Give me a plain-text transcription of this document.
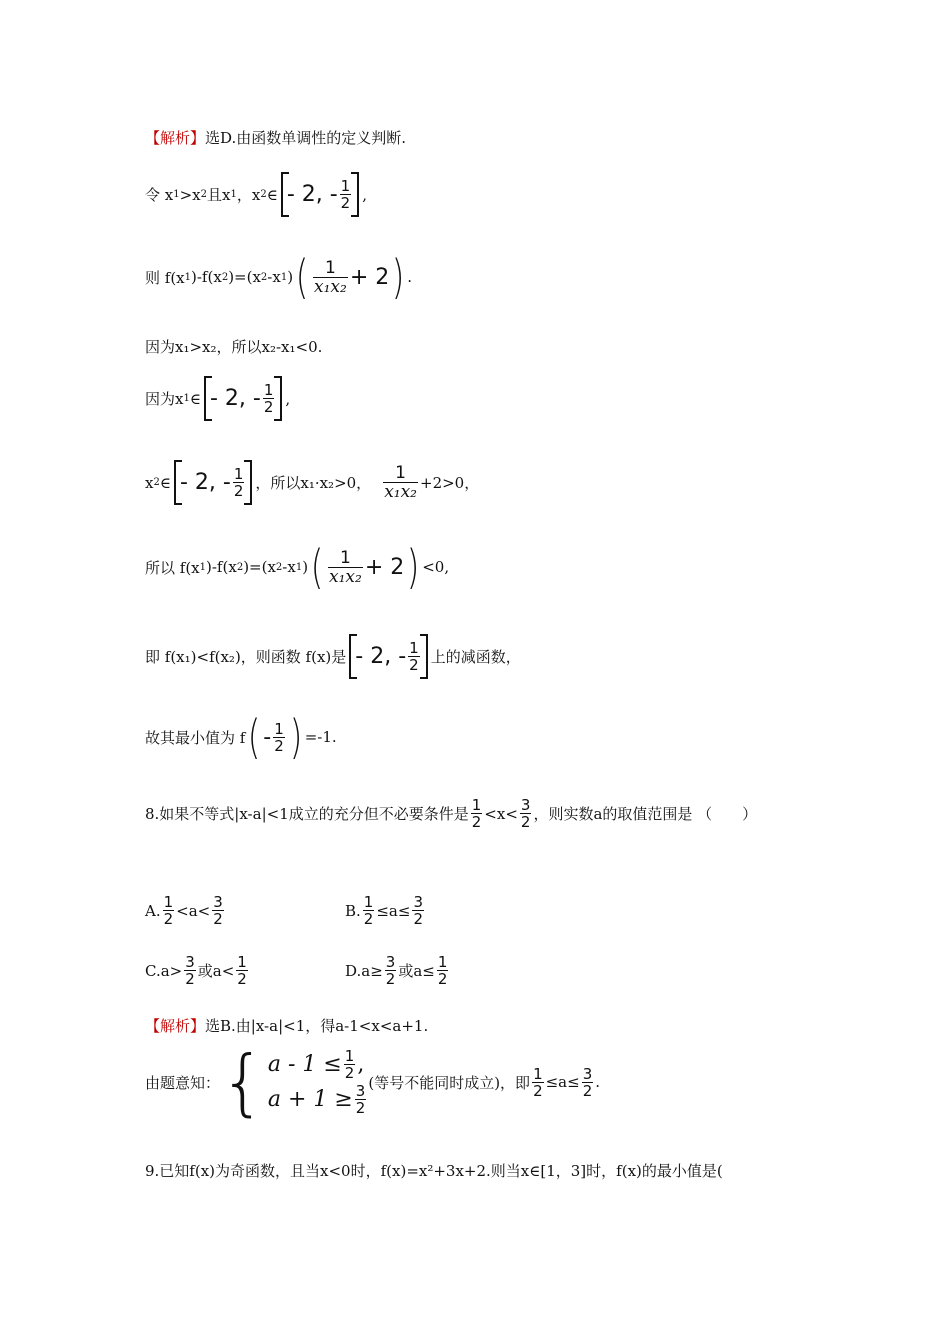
【解析】 选D.由函数单调性的定义判断.
令 x 1 >x 2 且x 1 ，x 2 ∈ - 2, - $\frac{1}{2}$ ,
则 f(x 1 )-f(x 2 )=(x 2 -x 1 ) ( $\frac{1}{\text{x₁x₂}} + 2$ ) .
因为x₁>x₂，所以x₂-x₁<0.
因为x 1 ∈ - 2, - $\frac{1}{2}$ ,
x 2 ∈ - 2, - $\frac{1}{2}$ ，所以x₁·x₂>0， $\frac{1}{\text{x₁x₂}} +2>0$，
所以 f(x 1 )-f(x 2 )=(x 2 -x 1 ) ( $\frac{1}{\text{x₁x₂}} + 2$ ) <0,
即 f(x₁)<f(x₂)，则函数 f(x)是 - 2, - $\frac{1}{2}$ 上的减函数，
故其最小值为 f ( - $\frac{1}{2}$ ) =-1.
8.如果不等式|x-a|<1成立的充分但不必要条件是 $\frac{1}{2} <x< \frac{3}{2}$ ，则实数a的取值范围是 （　　）
A. $\frac{1}{2} <a< \frac{3}{2}$	B. $\frac{1}{2} \le a\le \frac{3}{2}$
$C.a> \frac{3}{2}$ 或$a< \frac{1}{2}$	$D.a\ge \frac{3}{2}$ 或$a\le \frac{1}{2}$
【解析】 选B.由|x-a|<1，得a-1<x<a+1.
由题意知： { $a - 1 \le \frac{1}{2}$ ,
$a + 1 \ge \frac{3}{2}$
(等号不能同时成立)，即 $\frac{1}{2} \le a\le \frac{3}{2}$ .
9.已知f(x)为奇函数，且当x<0时，f(x)=x²+3x+2.则当x∈[1，3]时，f(x)的最小值是(
